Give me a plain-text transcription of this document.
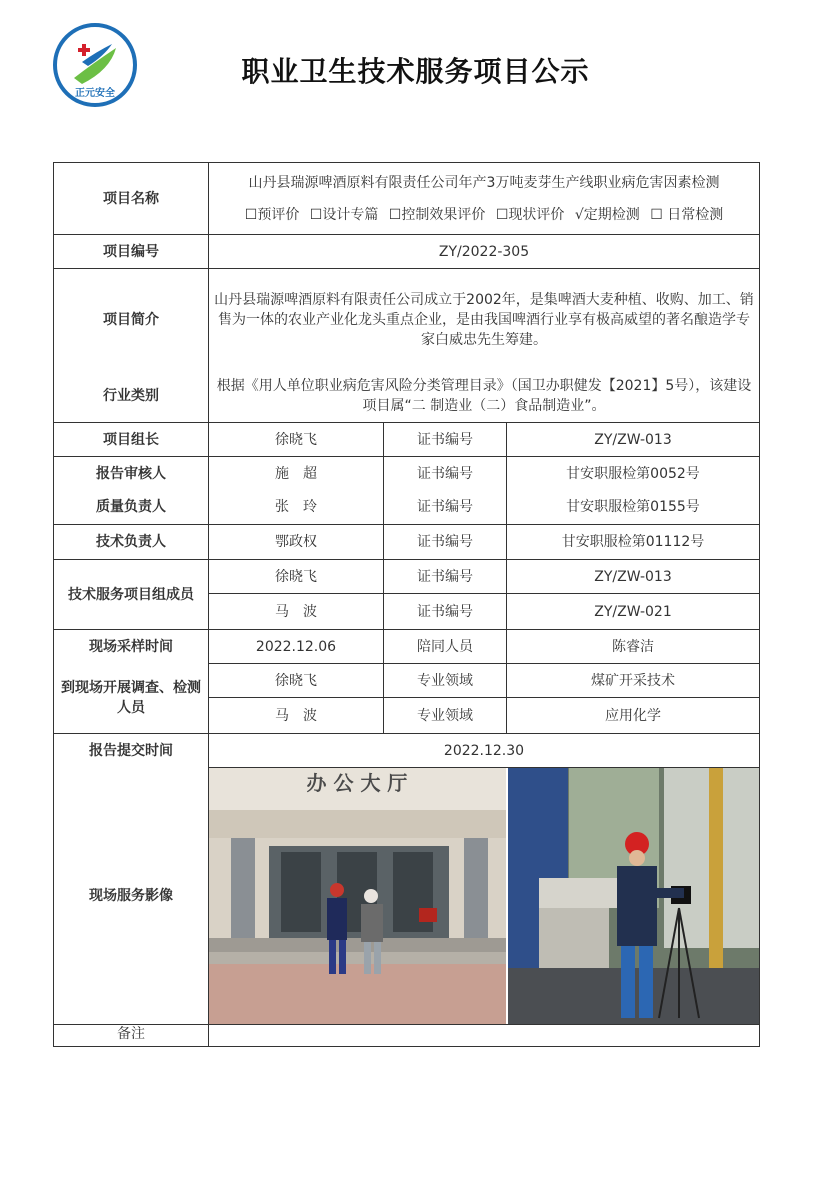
正元安全
职业卫生技术服务项目公示
项目名称	山丹县瑞源啤酒原料有限责任公司年产3万吨麦芽生产线职业病危害因素检测
☐预评价 ☐设计专篇 ☐控制效果评价 ☐现状评价 √定期检测 ☐ 日常检测		
项目编号	ZY/2022-305		
项目简介	山丹县瑞源啤酒原料有限责任公司成立于2002年，是集啤酒大麦种植、收购、加工、销售为一体的农业产业化龙头重点企业，是由我国啤酒行业享有极高威望的著名酿造学专家白威忠先生筹建。		
行业类别	根据《用人单位职业病危害风险分类管理目录》（国卫办职健发【2021】5号），该建设项目属“二 制造业（二）食品制造业”。		
项目组长	徐晓飞	证书编号	ZY/ZW-013
报告审核人	施　超	证书编号	甘安职服检第0052号
质量负责人	张　玲	证书编号	甘安职服检第0155号
技术负责人	鄂政权	证书编号	甘安职服检第01112号
技术服务项目组成员	徐晓飞	证书编号	ZY/ZW-013
	马　波	证书编号	ZY/ZW-021
现场采样时间	2022.12.06	陪同人员	陈睿洁
到现场开展调查、检测人员	徐晓飞	专业领域	煤矿开采技术
	马　波	专业领域	应用化学
报告提交时间	2022.12.30		
现场服务影像	办 公 大 厅		

备注			
